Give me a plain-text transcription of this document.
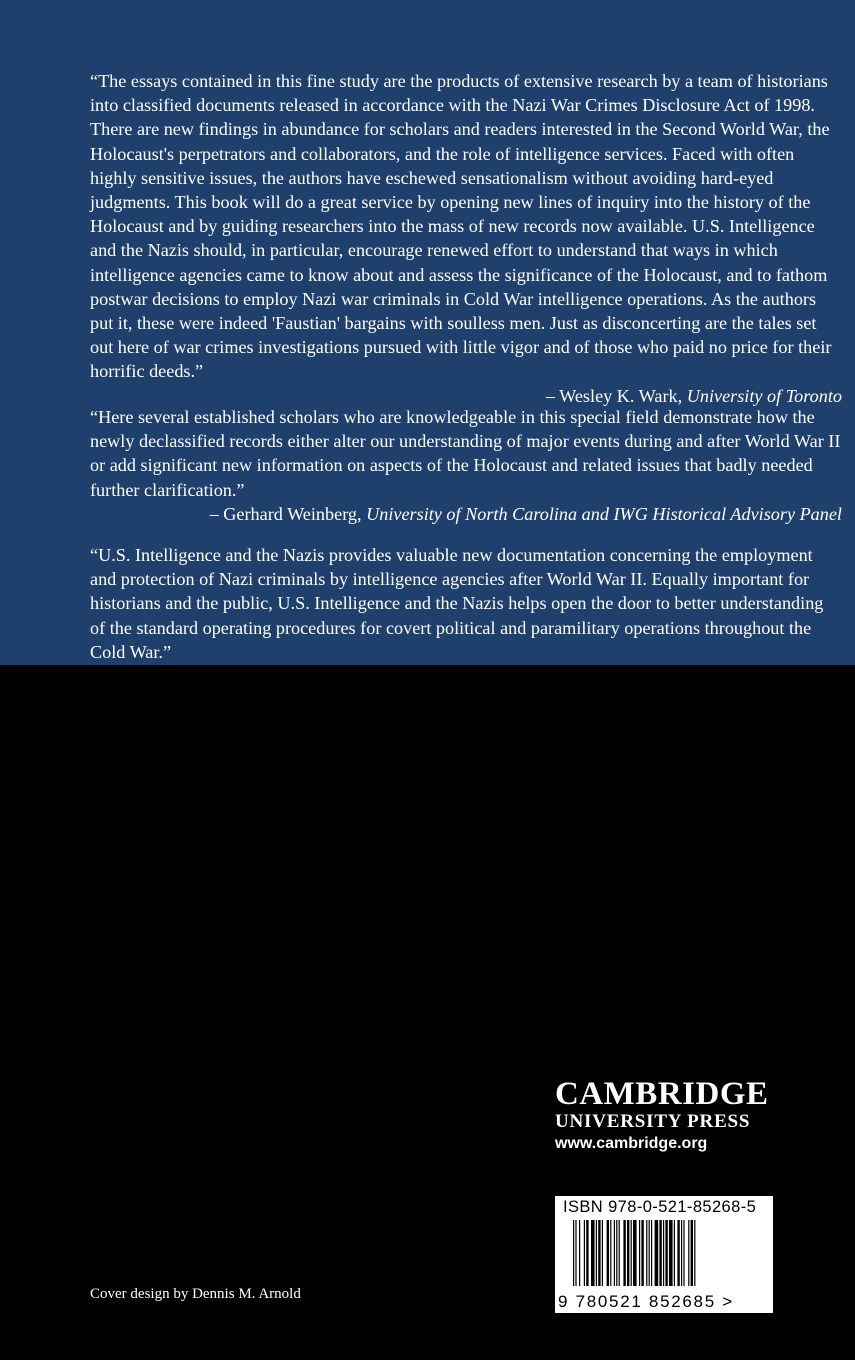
“The essays contained in this fine study are the products of extensive research by a team of historians into classified documents released in accordance with the Nazi War Crimes Disclosure Act of 1998. There are new findings in abundance for scholars and readers interested in the Second World War, the Holocaust's perpetrators and collaborators, and the role of intelligence services. Faced with often highly sensitive issues, the authors have eschewed sensationalism without avoiding hard-eyed judgments. This book will do a great service by opening new lines of inquiry into the history of the Holocaust and by guiding researchers into the mass of new records now available. U.S. Intelligence and the Nazis should, in particular, encourage renewed effort to understand that ways in which intelligence agencies came to know about and assess the significance of the Holocaust, and to fathom postwar decisions to employ Nazi war criminals in Cold War intelligence operations. As the authors put it, these were indeed 'Faustian' bargains with soulless men. Just as disconcerting are the tales set out here of war crimes investigations pursued with little vigor and of those who paid no price for their horrific deeds.”

– Wesley K. Wark, University of Toronto

“Here several established scholars who are knowledgeable in this special field demonstrate how the newly declassified records either alter our understanding of major events during and after World War II or add significant new information on aspects of the Holocaust and related issues that badly needed further clarification.”

– Gerhard Weinberg, University of North Carolina and IWG Historical Advisory Panel

“U.S. Intelligence and the Nazis provides valuable new documentation concerning the employment and protection of Nazi criminals by intelligence agencies after World War II. Equally important for historians and the public, U.S. Intelligence and the Nazis helps open the door to better understanding of the standard operating procedures for covert political and paramilitary operations throughout the Cold War.”

Richard Breitman is professor of history at American University. He is the author of The Architect of Genocide: Himmler and the Final Solution.
Norman J. W. Goda is associate professor of History at Ohio University. He is the author of Tomorrow the Word: Hitler, Northwest Africa and the Path to America.
Timothy Naftali is associate professor at the University of Virginia, Miller Center of Public Affairs. He directs the Presidential Recordings Program and the Kremlin Decision-Making Project and is the coauthor of “One Hell of a Gamble”: Khrushchev, Castro and Kennedy, 1958 – 1964.
Robert Wolfe was the senior research specialist for more than thirty years for the National Archives' captured German and World War II war crimes trial records, as well as for the records of the postwar occupation of Gemany and Austria. His publications include Americans as Proconsuls: U.S. Military Government in Germany and Japan, 1944 -52.
CAMBRIDGE
UNIVERSITY PRESS
www.cambridge.org
ISBN 978-0-521-85268-5
9 780521 852685 >
Cover design by Dennis M. Arnold
